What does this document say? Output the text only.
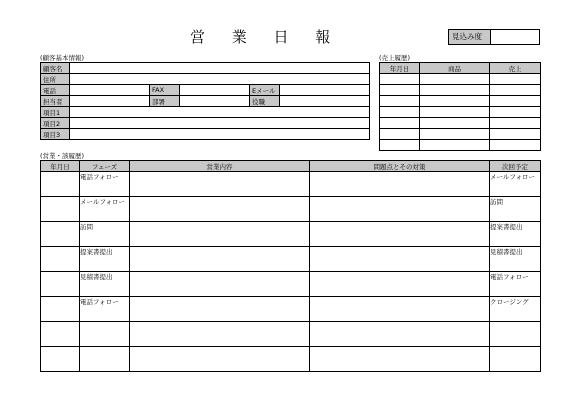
営 業 日 報	見込み度
(顧客基本情報)
顧客名					
住所					
電話		FAX		Eメール	
担当者		部署		役職	
項目1					
項目2					
項目3					
(売上履歴)
年月日	商品	売上

(営業・該履歴)
年月日	フェーズ	営業内容	問題点とその対策	次回予定
	電話フォロー			メールフォロー
	メールフォロー			訪問
	訪問			提案書提出
	提案書提出			見積書提出
	見積書提出			電話フォロー
	電話フォロー			クロージング
